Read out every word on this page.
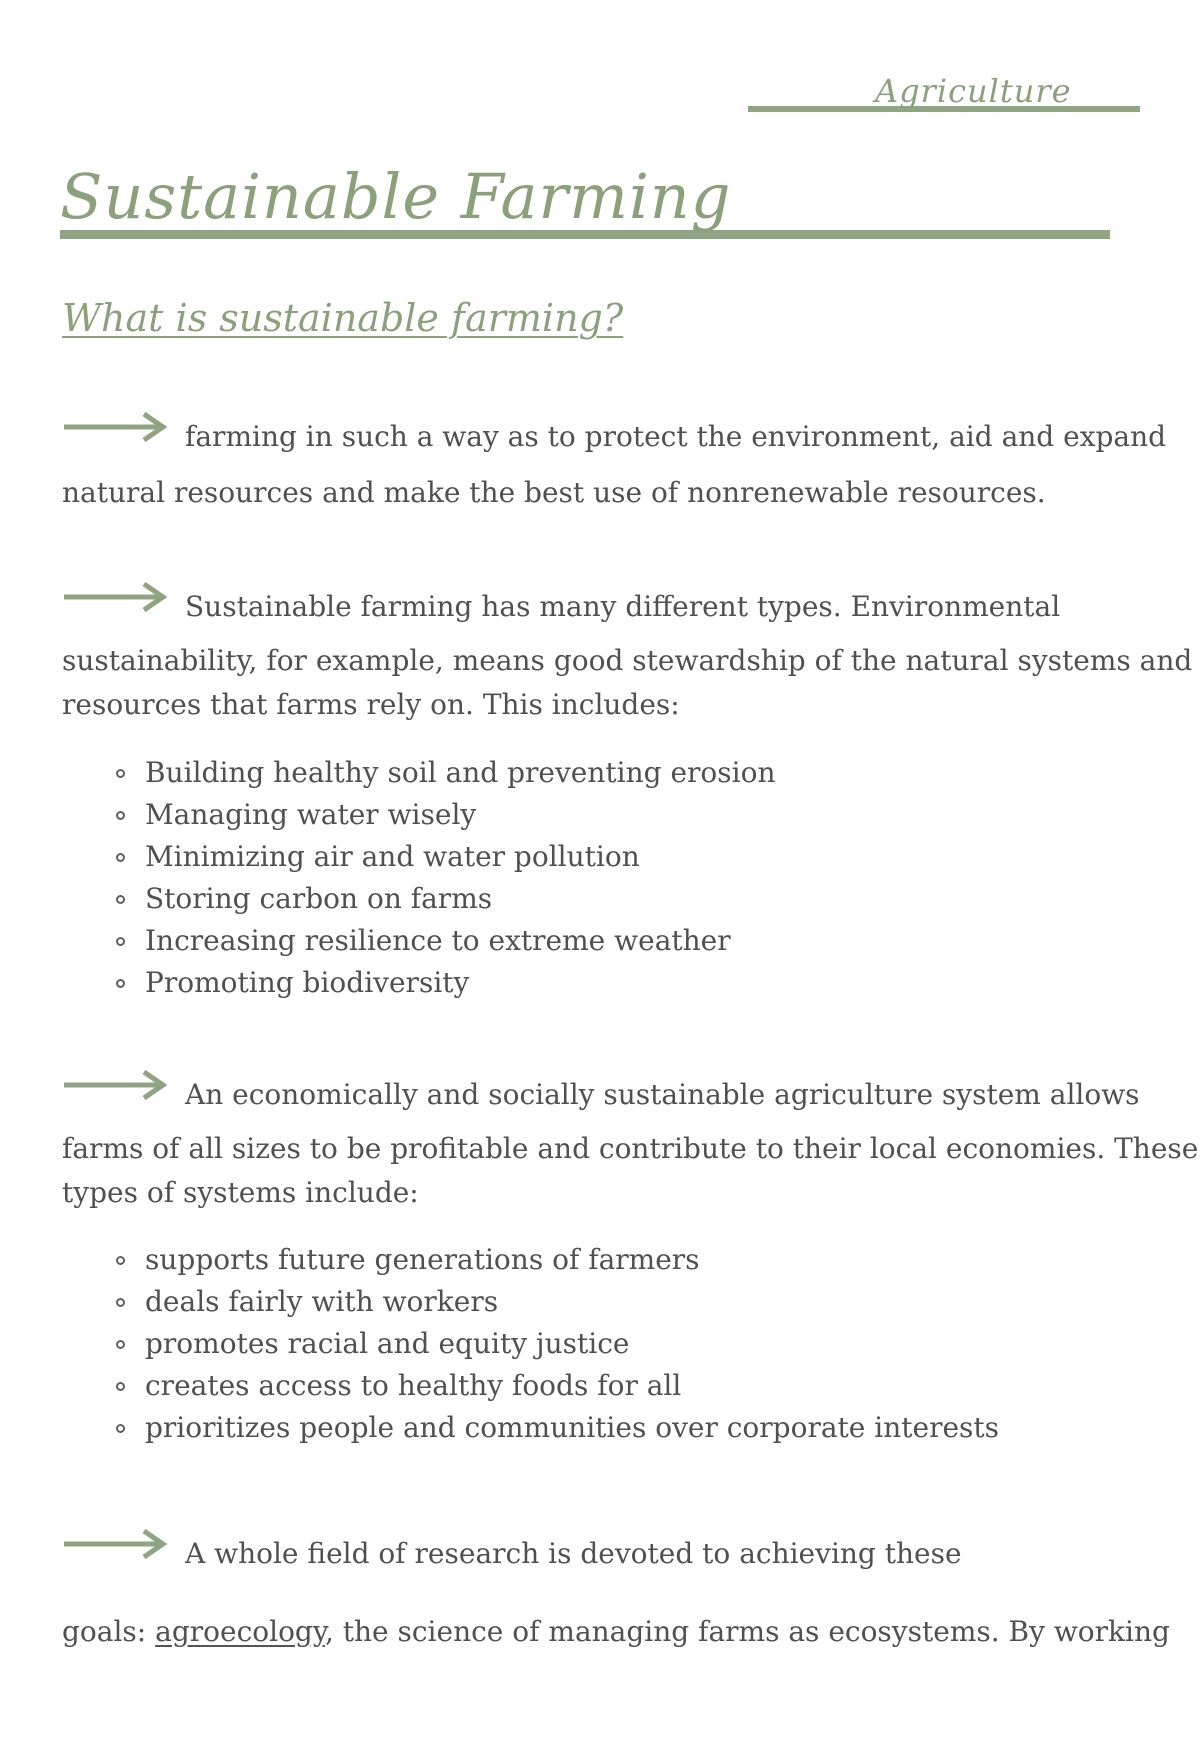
Agriculture
Sustainable Farming
What is sustainable farming?
farming in such a way as to protect the environment, aid and expand
natural resources and make the best use of nonrenewable resources.
Sustainable farming has many different types. Environmental
sustainability, for example, means good stewardship of the natural systems and
resources that farms rely on. This includes:
Building healthy soil and preventing erosion
Managing water wisely
Minimizing air and water pollution
Storing carbon on farms
Increasing resilience to extreme weather
Promoting biodiversity
An economically and socially sustainable agriculture system allows
farms of all sizes to be profitable and contribute to their local economies. These
types of systems include:
supports future generations of farmers
deals fairly with workers
promotes racial and equity justice
creates access to healthy foods for all
prioritizes people and communities over corporate interests
A whole field of research is devoted to achieving these
goals: agroecology, the science of managing farms as ecosystems. By working
